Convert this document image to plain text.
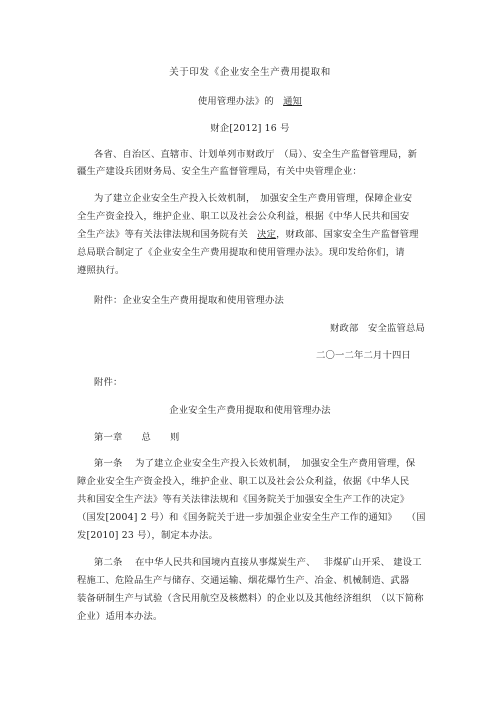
关于印发《企业安全生产费用提取和
使用管理办法》的 通知
财企[2012] 16 号
各省、自治区、直辖市、计划单列市财政厅　（局）、安全生产监督管理局，新
疆生产建设兵团财务局、安全生产监督管理局，有关中央管理企业：
为了建立企业安全生产投入长效机制，　加强安全生产费用管理，保障企业安
全生产资金投入，维护企业、职工以及社会公众利益，根据《中华人民共和国安
全生产法》等有关法律法规和国务院有关 决定，财政部、国家安全生产监督管理
总局联合制定了《企业安全生产费用提取和使用管理办法》。现印发给你们，请
遵照执行。
附件：企业安全生产费用提取和使用管理办法
财政部　安全监管总局
二〇一二年二月十四日
附件：
企业安全生产费用提取和使用管理办法
第一章　　总　　则
第一条　 为了建立企业安全生产投入长效机制，　加强安全生产费用管理，保
障企业安全生产资金投入，维护企业、职工以及社会公众利益，依据《中华人民
共和国安全生产法》等有关法律法规和《国务院关于加强安全生产工作的决定》
（国发[2004] 2 号）和《国务院关于进一步加强企业安全生产工作的通知》　　（国
发[2010] 23 号），制定本办法。
第二条　 在中华人民共和国境内直接从事煤炭生产、　 非煤矿山开采、 建设工
程施工、危险品生产与储存、交通运输、烟花爆竹生产、冶金、机械制造、武器
装备研制生产与试验（含民用航空及核燃料）的企业以及其他经济组织　（以下简称
企业）适用本办法。
